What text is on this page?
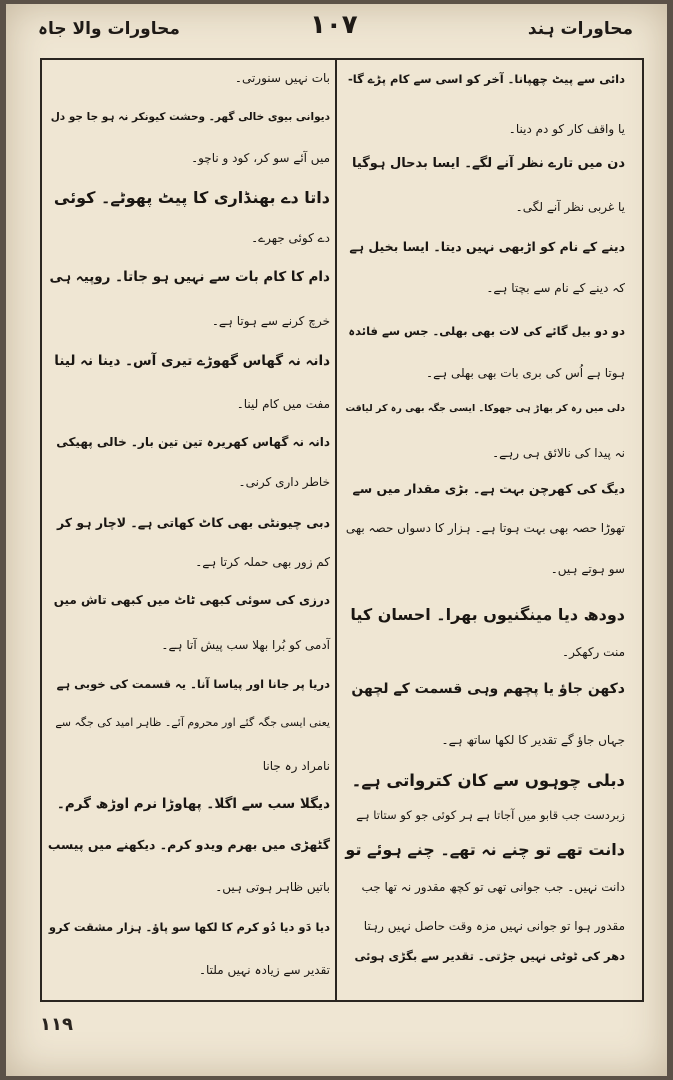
محاورات ہند
۱۰۷
محاورات والا جاہ
دائی سے پیٹ چھپانا۔ آخر کو اسی سے کام پڑے گا-
یا واقف کار کو دم دینا۔
دن میں تارے نظر آنے لگے۔ ایسا بدحال ہوگیا
یا غربی نظر آنے لگی۔
دینے کے نام کو اڑبھی نہیں دیتا۔ ایسا بخیل ہے
کہ دینے کے نام سے بچتا ہے۔
دو دو بیل گائے کی لات بھی بھلی۔ جس سے فائدہ
ہوتا ہے اُس کی بری بات بھی بھلی ہے۔
دلی میں رہ کر بھاڑ ہی جھوکا۔ ایسی جگہ بھی رہ کر لیاقت
نہ پیدا کی نالائق ہی رہے۔
دیگ کی کھرچن بہت ہے۔ بڑی مقدار میں سے
تھوڑا حصہ بھی بہت ہوتا ہے۔ ہزار کا دسواں حصہ بھی
سو ہوتے ہیں۔
دودھ دیا مینگنیوں بھرا۔ احسان کیا
منت رکھکر۔
دکھن جاؤ یا پچھم وہی قسمت کے لچھن
جہاں جاؤ گے تقدیر کا لکھا ساتھ ہے۔
دبلی چوہوں سے کان کترواتی ہے۔
زبردست جب قابو میں آجاتا ہے ہر کوئی جو کو ستاتا ہے
دانت تھے تو چنے نہ تھے۔ چنے ہوئے تو
دانت نہیں۔ جب جوانی تھی تو کچھ مقدور نہ تھا جب
مقدور ہوا تو جوانی نہیں مزہ وقت حاصل نہیں رہتا
دھر کی ٹوٹی نہیں جڑتی۔ تقدیر سے بگڑی ہوئی
بات نہیں سنورتی۔
دیوانی بیوی خالی گھر۔ وحشت کیونکر نہ ہو جا جو دل
میں آئے سو کر، کود و ناچو۔
داتا دے بھنڈاری کا پیٹ پھوٹے۔ کوئی
دے کوئی جھرے۔
دام کا کام بات سے نہیں ہو جاتا۔ روپیہ ہی
خرچ کرنے سے ہوتا ہے۔
دانہ نہ گھاس گھوڑے تیری آس۔ دینا نہ لینا
مفت میں کام لینا۔
دانہ نہ گھاس کھریرہ تین تین بار۔ خالی پھیکی
خاطر داری کرنی۔
دبی چیونٹی بھی کاٹ کھاتی ہے۔ لاچار ہو کر
کم زور بھی حملہ کرتا ہے۔
درزی کی سوئی کبھی ٹاٹ میں کبھی تاش میں
آدمی کو بُرا بھلا سب پیش آتا ہے۔
دریا پر جانا اور پیاسا آنا۔ یہ قسمت کی خوبی ہے
یعنی ایسی جگہ گئے اور محروم آئے۔ ظاہر امید کی جگہ سے
نامراد رہ جانا
دیگلا سب سے اگلا۔ پھاوڑا نرم اوڑھ گرم۔
گٹھڑی میں بھرم ویدو کرم۔ دیکھنے میں پیسب
باتیں ظاہر ہوتی ہیں۔
دیا دَو دیا دُو کرم کا لکھا سو پاؤ۔ ہزار مشقت کرو
تقدیر سے زیادہ نہیں ملتا۔
۱۱۹
